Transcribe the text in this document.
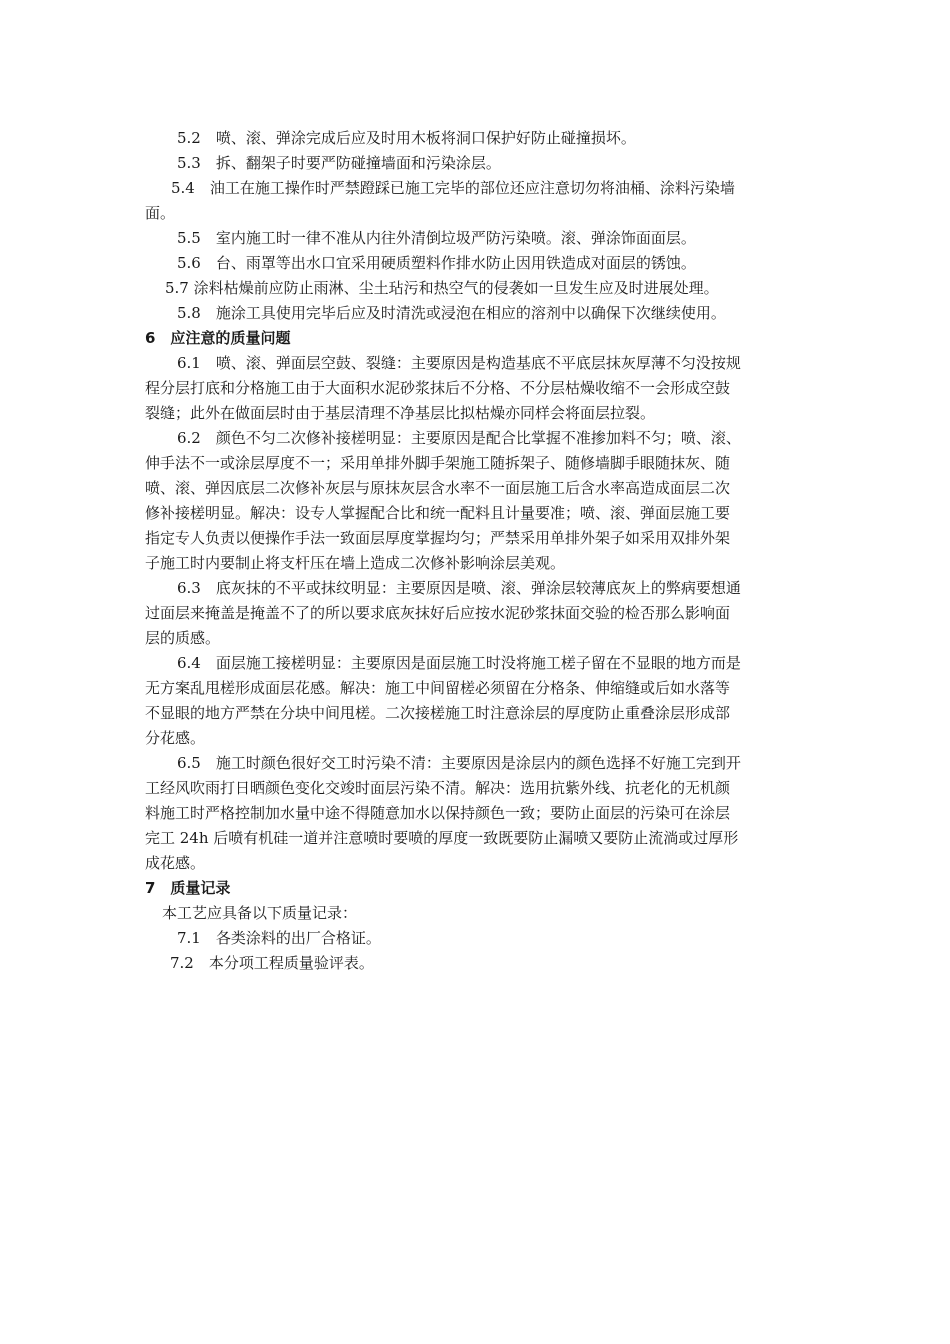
5.2　喷、滚、弹涂完成后应及时用木板将洞口保护好防止碰撞损坏。
5.3　拆、翻架子时要严防碰撞墙面和污染涂层。
5.4　油工在施工操作时严禁蹬踩已施工完毕的部位还应注意切勿将油桶、涂料污染墙
面。
5.5　室内施工时一律不准从内往外清倒垃圾严防污染喷。滚、弹涂饰面面层。
5.6　台、雨罩等出水口宜采用硬质塑料作排水防止因用铁造成对面层的锈蚀。
5.7 涂料枯燥前应防止雨淋、尘土玷污和热空气的侵袭如一旦发生应及时进展处理。
5.8　施涂工具使用完毕后应及时清洗或浸泡在相应的溶剂中以确保下次继续使用。
6　应注意的质量问题
6.1　喷、滚、弹面层空鼓、裂缝：主要原因是构造基底不平底层抹灰厚薄不匀没按规
程分层打底和分格施工由于大面积水泥砂浆抹后不分格、不分层枯燥收缩不一会形成空鼓
裂缝；此外在做面层时由于基层清理不净基层比拟枯燥亦同样会将面层拉裂。
6.2　颜色不匀二次修补接槎明显：主要原因是配合比掌握不准掺加料不匀；喷、滚、
伸手法不一或涂层厚度不一；采用单排外脚手架施工随拆架子、随修墙脚手眼随抹灰、随
喷、滚、弹因底层二次修补灰层与原抹灰层含水率不一面层施工后含水率高造成面层二次
修补接槎明显。解决：设专人掌握配合比和统一配料且计量要准；喷、滚、弹面层施工要
指定专人负责以便操作手法一致面层厚度掌握均匀；严禁采用单排外架子如采用双排外架
子施工时内要制止将支杆压在墙上造成二次修补影响涂层美观。
6.3　底灰抹的不平或抹纹明显：主要原因是喷、滚、弹涂层较薄底灰上的弊病要想通
过面层来掩盖是掩盖不了的所以要求底灰抹好后应按水泥砂浆抹面交验的检否那么影响面
层的质感。
6.4　面层施工接槎明显：主要原因是面层施工时没将施工槎子留在不显眼的地方而是
无方案乱甩槎形成面层花感。解决：施工中间留槎必须留在分格条、伸缩缝或后如水落等
不显眼的地方严禁在分块中间甩槎。二次接槎施工时注意涂层的厚度防止重叠涂层形成部
分花感。
6.5　施工时颜色很好交工时污染不清：主要原因是涂层内的颜色选择不好施工完到开
工经风吹雨打日晒颜色变化交竣时面层污染不清。解决：选用抗紫外线、抗老化的无机颜
料施工时严格控制加水量中途不得随意加水以保持颜色一致；要防止面层的污染可在涂层
完工 24h 后喷有机硅一道并注意喷时要喷的厚度一致既要防止漏喷又要防止流淌或过厚形
成花感。
7　质量记录
本工艺应具备以下质量记录：
7.1　各类涂料的出厂合格证。
7.2　本分项工程质量验评表。
